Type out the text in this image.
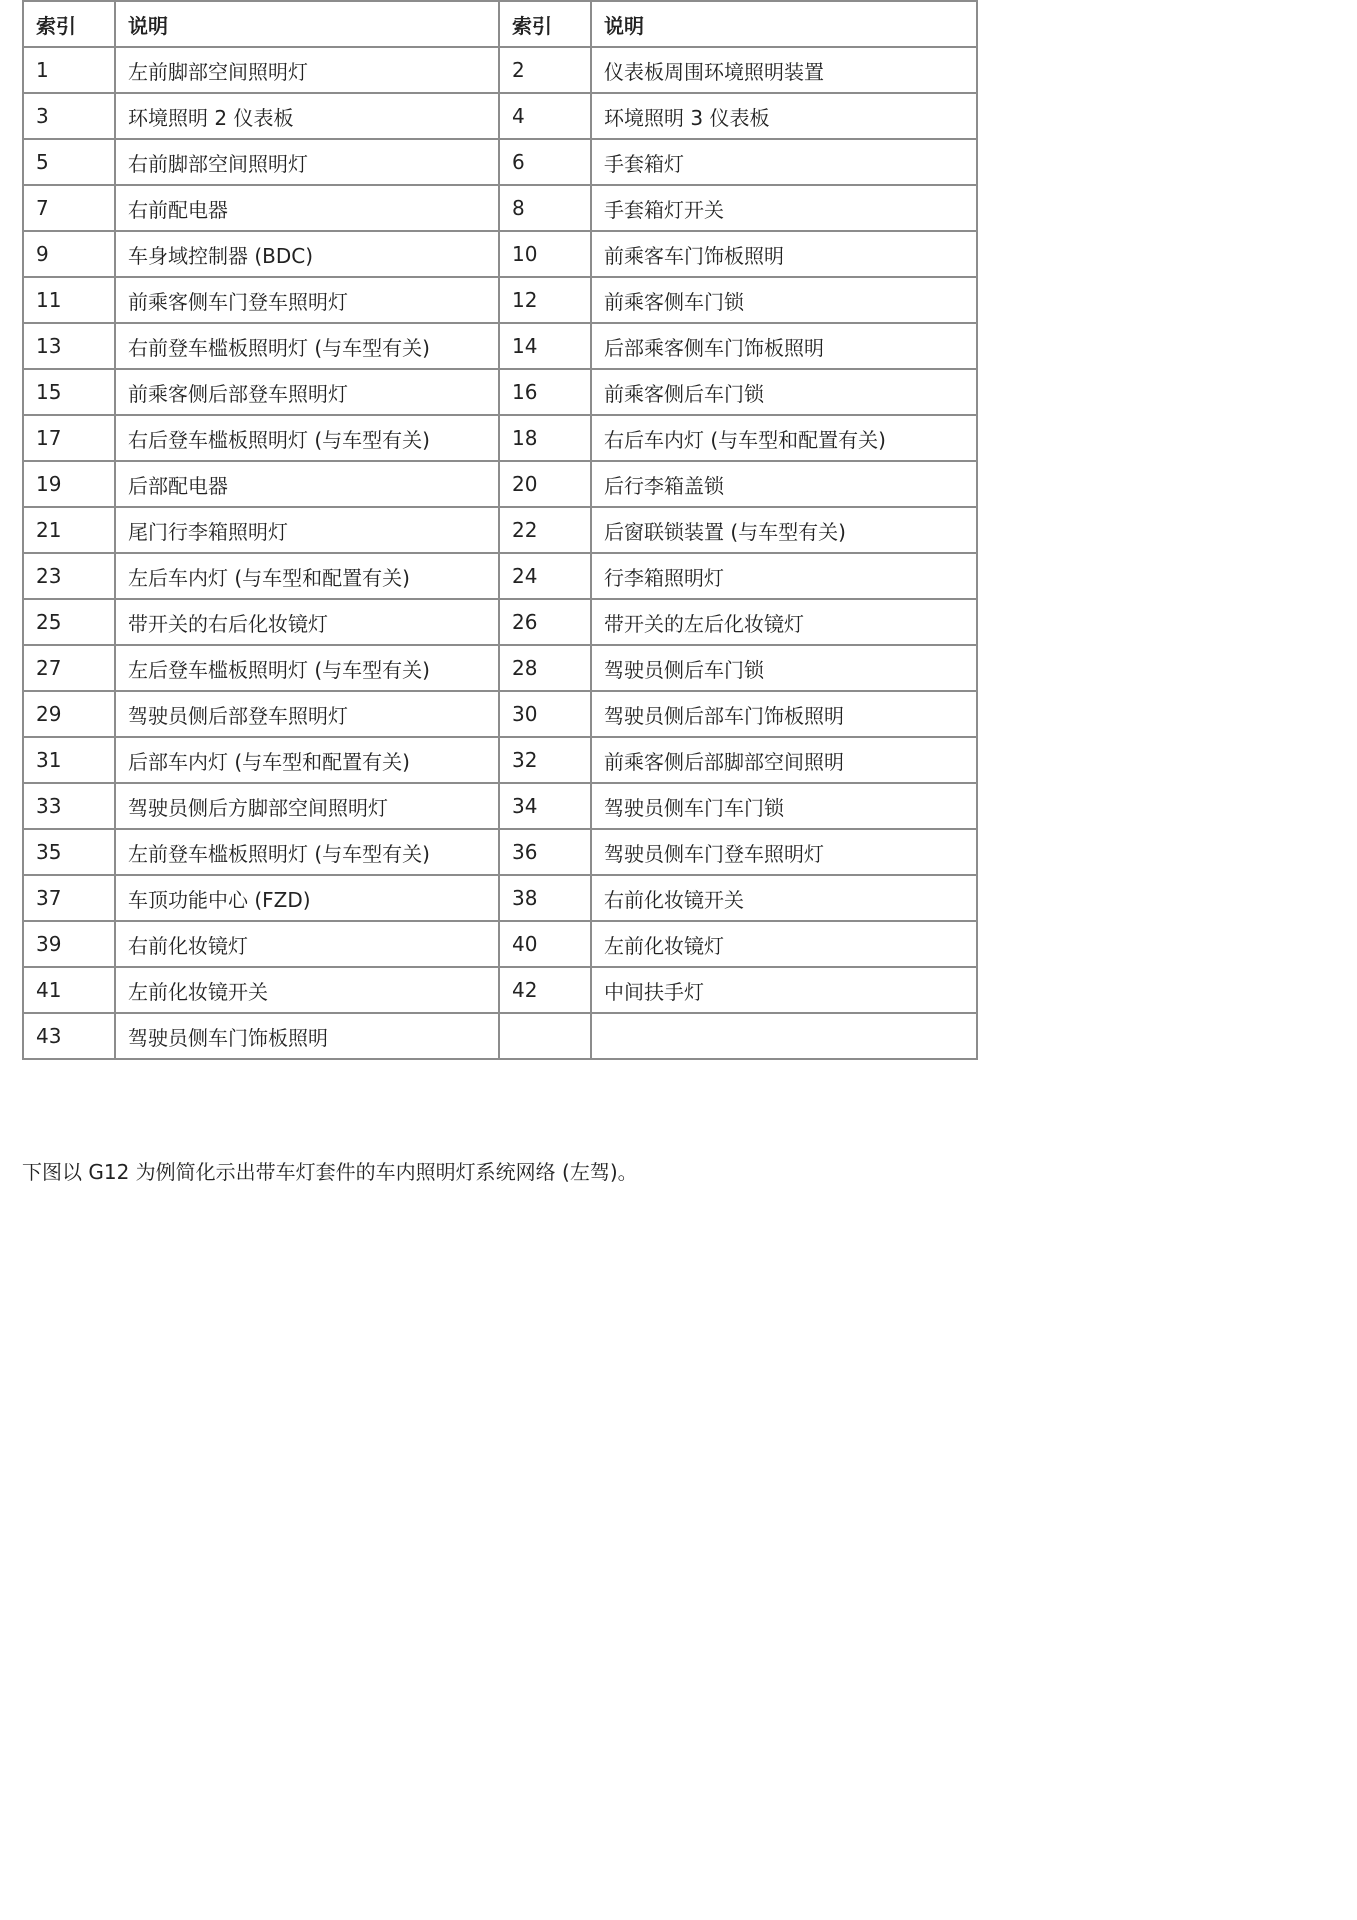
索引	说明	索引	说明
1	左前脚部空间照明灯	2	仪表板周围环境照明装置
3	环境照明 2 仪表板	4	环境照明 3 仪表板
5	右前脚部空间照明灯	6	手套箱灯
7	右前配电器	8	手套箱灯开关
9	车身域控制器 (BDC)	10	前乘客车门饰板照明
11	前乘客侧车门登车照明灯	12	前乘客侧车门锁
13	右前登车槛板照明灯 (与车型有关)	14	后部乘客侧车门饰板照明
15	前乘客侧后部登车照明灯	16	前乘客侧后车门锁
17	右后登车槛板照明灯 (与车型有关)	18	右后车内灯 (与车型和配置有关)
19	后部配电器	20	后行李箱盖锁
21	尾门行李箱照明灯	22	后窗联锁装置 (与车型有关)
23	左后车内灯 (与车型和配置有关)	24	行李箱照明灯
25	带开关的右后化妆镜灯	26	带开关的左后化妆镜灯
27	左后登车槛板照明灯 (与车型有关)	28	驾驶员侧后车门锁
29	驾驶员侧后部登车照明灯	30	驾驶员侧后部车门饰板照明
31	后部车内灯 (与车型和配置有关)	32	前乘客侧后部脚部空间照明
33	驾驶员侧后方脚部空间照明灯	34	驾驶员侧车门车门锁
35	左前登车槛板照明灯 (与车型有关)	36	驾驶员侧车门登车照明灯
37	车顶功能中心 (FZD)	38	右前化妆镜开关
39	右前化妆镜灯	40	左前化妆镜灯
41	左前化妆镜开关	42	中间扶手灯
43	驾驶员侧车门饰板照明		
下图以 G12 为例简化示出带车灯套件的车内照明灯系统网络 (左驾)。
